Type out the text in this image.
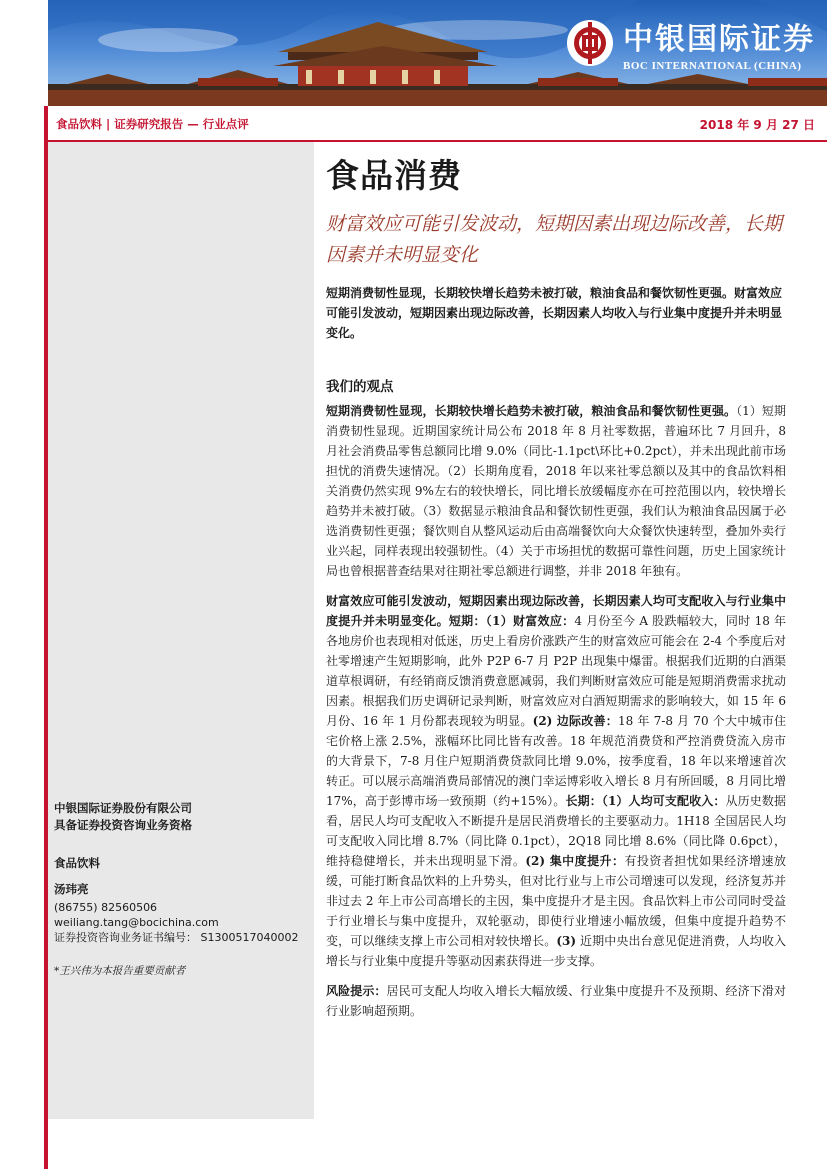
中银国际证券
BOC INTERNATIONAL (CHINA)
食品饮料 | 证券研究报告 — 行业点评	2018 年 9 月 27 日
中银国际证券股份有限公司
具备证券投资咨询业务资格
食品饮料
汤玮亮
(86755) 82560506
weiliang.tang@bocichina.com
证券投资咨询业务证书编号： S1300517040002
*王兴伟为本报告重要贡献者
食品消费
财富效应可能引发波动，短期因素出现边际改善，长期因素并未明显变化
短期消费韧性显现，长期较快增长趋势未被打破，粮油食品和餐饮韧性更强。财富效应可能引发波动，短期因素出现边际改善，长期因素人均收入与行业集中度提升并未明显变化。
我们的观点
短期消费韧性显现，长期较快增长趋势未被打破，粮油食品和餐饮韧性更强。（1）短期消费韧性显现。近期国家统计局公布 2018 年 8 月社零数据，普遍环比 7 月回升，8 月社会消费品零售总额同比增 9.0%（同比-1.1pct\环比+0.2pct），并未出现此前市场担忧的消费失速情况。（2）长期角度看，2018 年以来社零总额以及其中的食品饮料相关消费仍然实现 9%左右的较快增长，同比增长放缓幅度亦在可控范围以内，较快增长趋势并未被打破。（3）数据显示粮油食品和餐饮韧性更强，我们认为粮油食品因属于必选消费韧性更强；餐饮则自从整风运动后由高端餐饮向大众餐饮快速转型，叠加外卖行业兴起，同样表现出较强韧性。（4）关于市场担忧的数据可靠性问题，历史上国家统计局也曾根据普查结果对往期社零总额进行调整，并非 2018 年独有。
财富效应可能引发波动，短期因素出现边际改善，长期因素人均可支配收入与行业集中度提升并未明显变化。短期：（1）财富效应：4 月份至今 A 股跌幅较大，同时 18 年各地房价也表现相对低迷，历史上看房价涨跌产生的财富效应可能会在 2-4 个季度后对社零增速产生短期影响，此外 P2P 6-7 月 P2P 出现集中爆雷。根据我们近期的白酒渠道草根调研，有经销商反馈消费意愿减弱，我们判断财富效应可能是短期消费需求扰动因素。根据我们历史调研记录判断，财富效应对白酒短期需求的影响较大，如 15 年 6 月份、16 年 1 月份都表现较为明显。(2) 边际改善：18 年 7-8 月 70 个大中城市住宅价格上涨 2.5%，涨幅环比同比皆有改善。18 年规范消费贷和严控消费贷流入房市的大背景下，7-8 月住户短期消费贷款同比增 9.0%，按季度看，18 年以来增速首次转正。可以展示高端消费局部情况的澳门幸运博彩收入增长 8 月有所回暖，8 月同比增 17%，高于彭博市场一致预期（约+15%）。长期：（1）人均可支配收入：从历史数据看，居民人均可支配收入不断提升是居民消费增长的主要驱动力。1H18 全国居民人均可支配收入同比增 8.7%（同比降 0.1pct），2Q18 同比增 8.6%（同比降 0.6pct），维持稳健增长，并未出现明显下滑。(2) 集中度提升：有投资者担忧如果经济增速放缓，可能打断食品饮料的上升势头，但对比行业与上市公司增速可以发现，经济复苏并非过去 2 年上市公司高增长的主因，集中度提升才是主因。食品饮料上市公司同时受益于行业增长与集中度提升，双轮驱动，即使行业增速小幅放缓，但集中度提升趋势不变，可以继续支撑上市公司相对较快增长。(3) 近期中央出台意见促进消费，人均收入增长与行业集中度提升等驱动因素获得进一步支撑。
风险提示：居民可支配人均收入增长大幅放缓、行业集中度提升不及预期、经济下滑对行业影响超预期。
